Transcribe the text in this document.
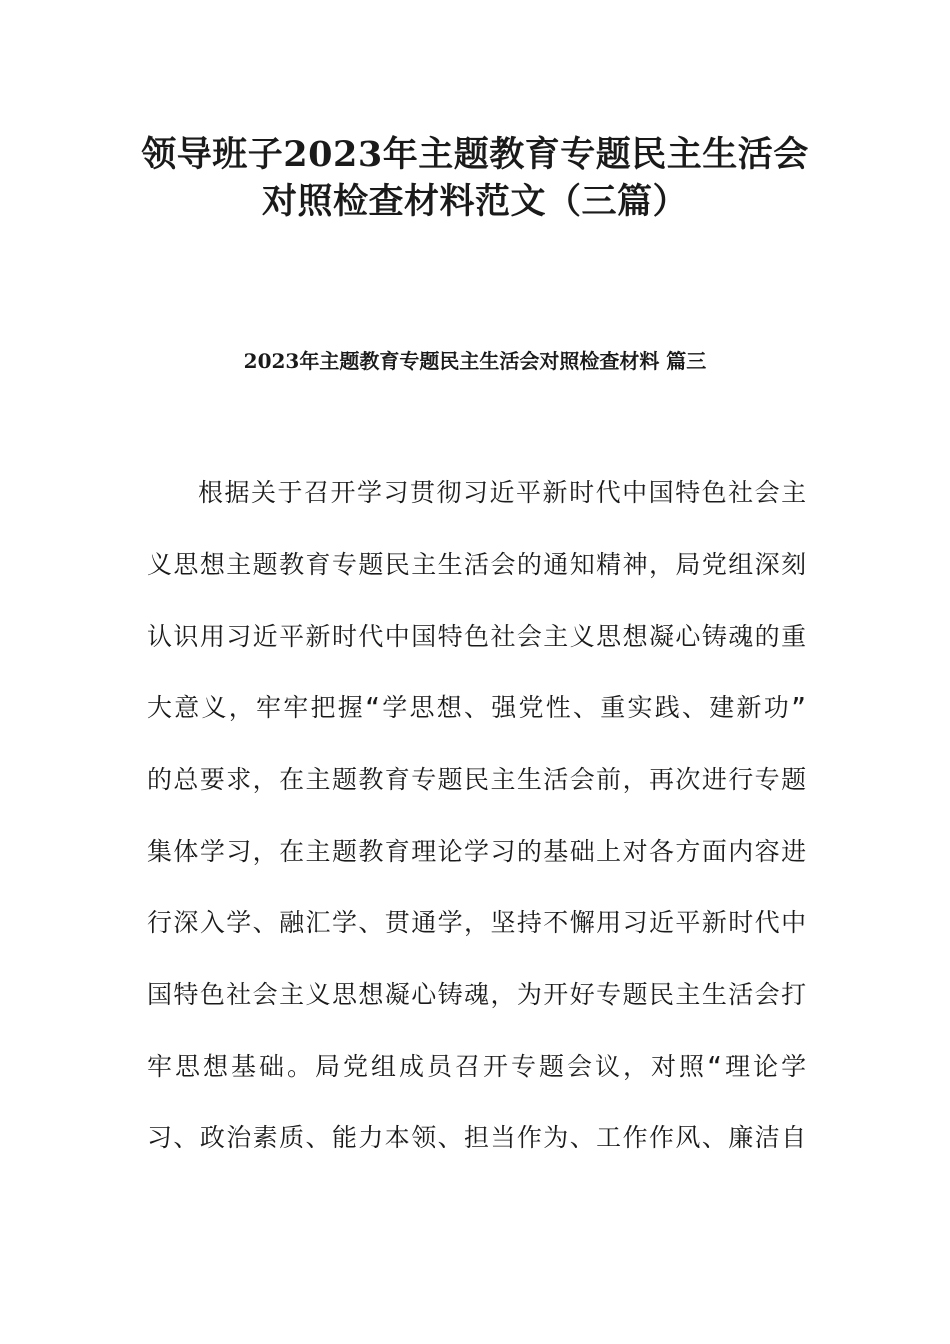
领导班子2023年主题教育专题民主生活会
对照检查材料范文（三篇）
2023年主题教育专题民主生活会对照检查材料 篇三
根据关于召开学习贯彻习近平新时代中国特色社会主
义思想主题教育专题民主生活会的通知精神，局党组深刻
认识用习近平新时代中国特色社会主义思想凝心铸魂的重
大意义，牢牢把握“学思想、强党性、重实践、建新功”
的总要求，在主题教育专题民主生活会前，再次进行专题
集体学习，在主题教育理论学习的基础上对各方面内容进
行深入学、融汇学、贯通学，坚持不懈用习近平新时代中
国特色社会主义思想凝心铸魂，为开好专题民主生活会打
牢思想基础。局党组成员召开专题会议，对照“理论学
习、政治素质、能力本领、担当作为、工作作风、廉洁自
